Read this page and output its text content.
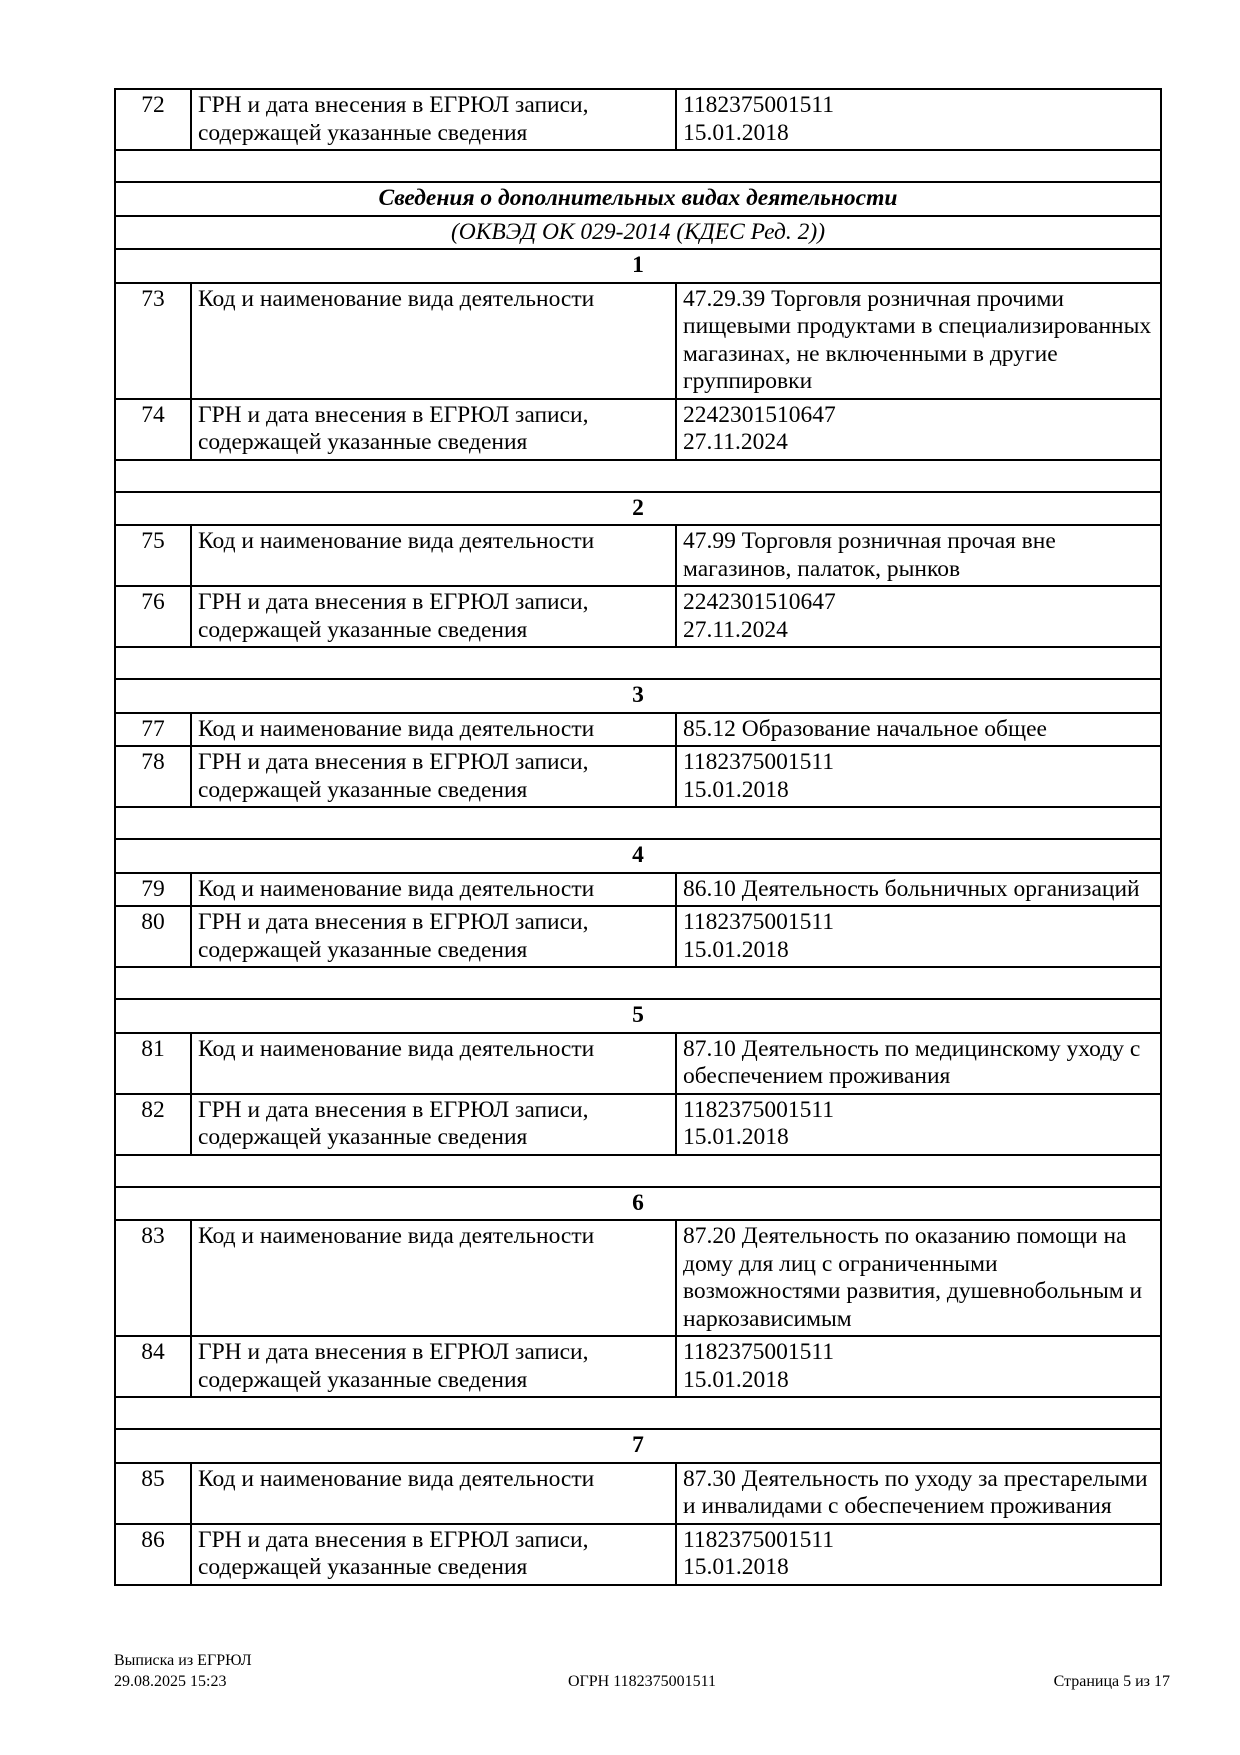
72	ГРН и дата внесения в ЕГРЮЛ записи, содержащей указанные сведения	1182375001511
15.01.2018

Сведения о дополнительных видах деятельности		
(ОКВЭД ОК 029-2014 (КДЕС Ред. 2))		
1		
73	Код и наименование вида деятельности	47.29.39 Торговля розничная прочими пищевыми продуктами в специализированных магазинах, не включенными в другие группировки

74	ГРН и дата внесения в ЕГРЮЛ записи, содержащей указанные сведения	2242301510647
27.11.2024

2		
75	Код и наименование вида деятельности	47.99 Торговля розничная прочая вне магазинов, палаток, рынков

76	ГРН и дата внесения в ЕГРЮЛ записи, содержащей указанные сведения	2242301510647
27.11.2024

3		
77	Код и наименование вида деятельности	85.12 Образование начальное общее

78	ГРН и дата внесения в ЕГРЮЛ записи, содержащей указанные сведения	1182375001511
15.01.2018

4		
79	Код и наименование вида деятельности	86.10 Деятельность больничных организаций

80	ГРН и дата внесения в ЕГРЮЛ записи, содержащей указанные сведения	1182375001511
15.01.2018

5		
81	Код и наименование вида деятельности	87.10 Деятельность по медицинскому уходу с обеспечением проживания

82	ГРН и дата внесения в ЕГРЮЛ записи, содержащей указанные сведения	1182375001511
15.01.2018

6		
83	Код и наименование вида деятельности	87.20 Деятельность по оказанию помощи на дому для лиц с ограниченными возможностями развития, душевнобольным и наркозависимым

84	ГРН и дата внесения в ЕГРЮЛ записи, содержащей указанные сведения	1182375001511
15.01.2018

7		
85	Код и наименование вида деятельности	87.30 Деятельность по уходу за престарелыми и инвалидами с обеспечением проживания

86	ГРН и дата внесения в ЕГРЮЛ записи, содержащей указанные сведения	1182375001511
15.01.2018
Выписка из ЕГРЮЛ
29.08.2025 15:23	ОГРН 1182375001511	Страница 5 из 17
